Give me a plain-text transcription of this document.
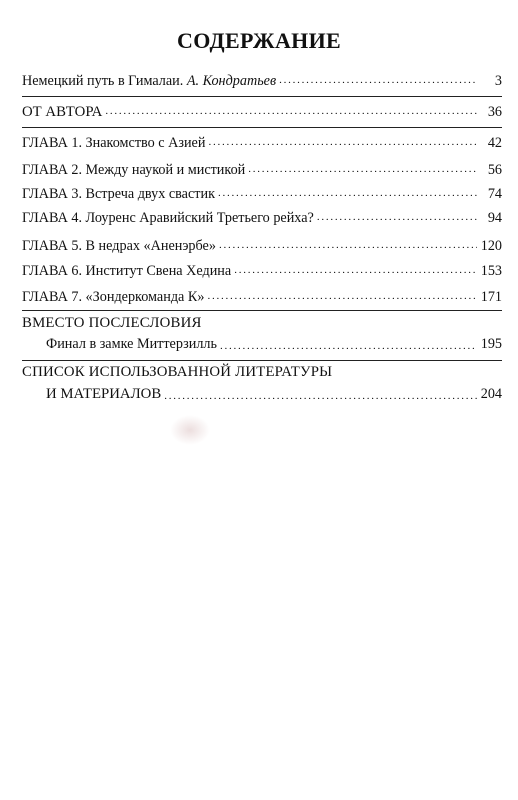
СОДЕРЖАНИЕ
Немецкий путь в Гималаи. А. Кондратьев . . .	3
ОТ АВТОРА . . .	36
ГЛАВА 1. Знакомство с Азией . . .	42
ГЛАВА 2. Между наукой и мистикой . . .	56
ГЛАВА 3. Встреча двух свастик . . .	74
ГЛАВА 4. Лоуренс Аравийский Третьего рейха? . . .	94
ГЛАВА 5. В недрах «Аненэрбе» . . .	120
ГЛАВА 6. Институт Свена Хедина . . .	153
ГЛАВА 7. «Зондеркоманда К» . . .	171
ВМЕСТО ПОСЛЕСЛОВИЯ
Финал в замке Миттерзилль . . .	195
СПИСОК ИСПОЛЬЗОВАННОЙ ЛИТЕРАТУРЫ
И МАТЕРИАЛОВ . . .	204
